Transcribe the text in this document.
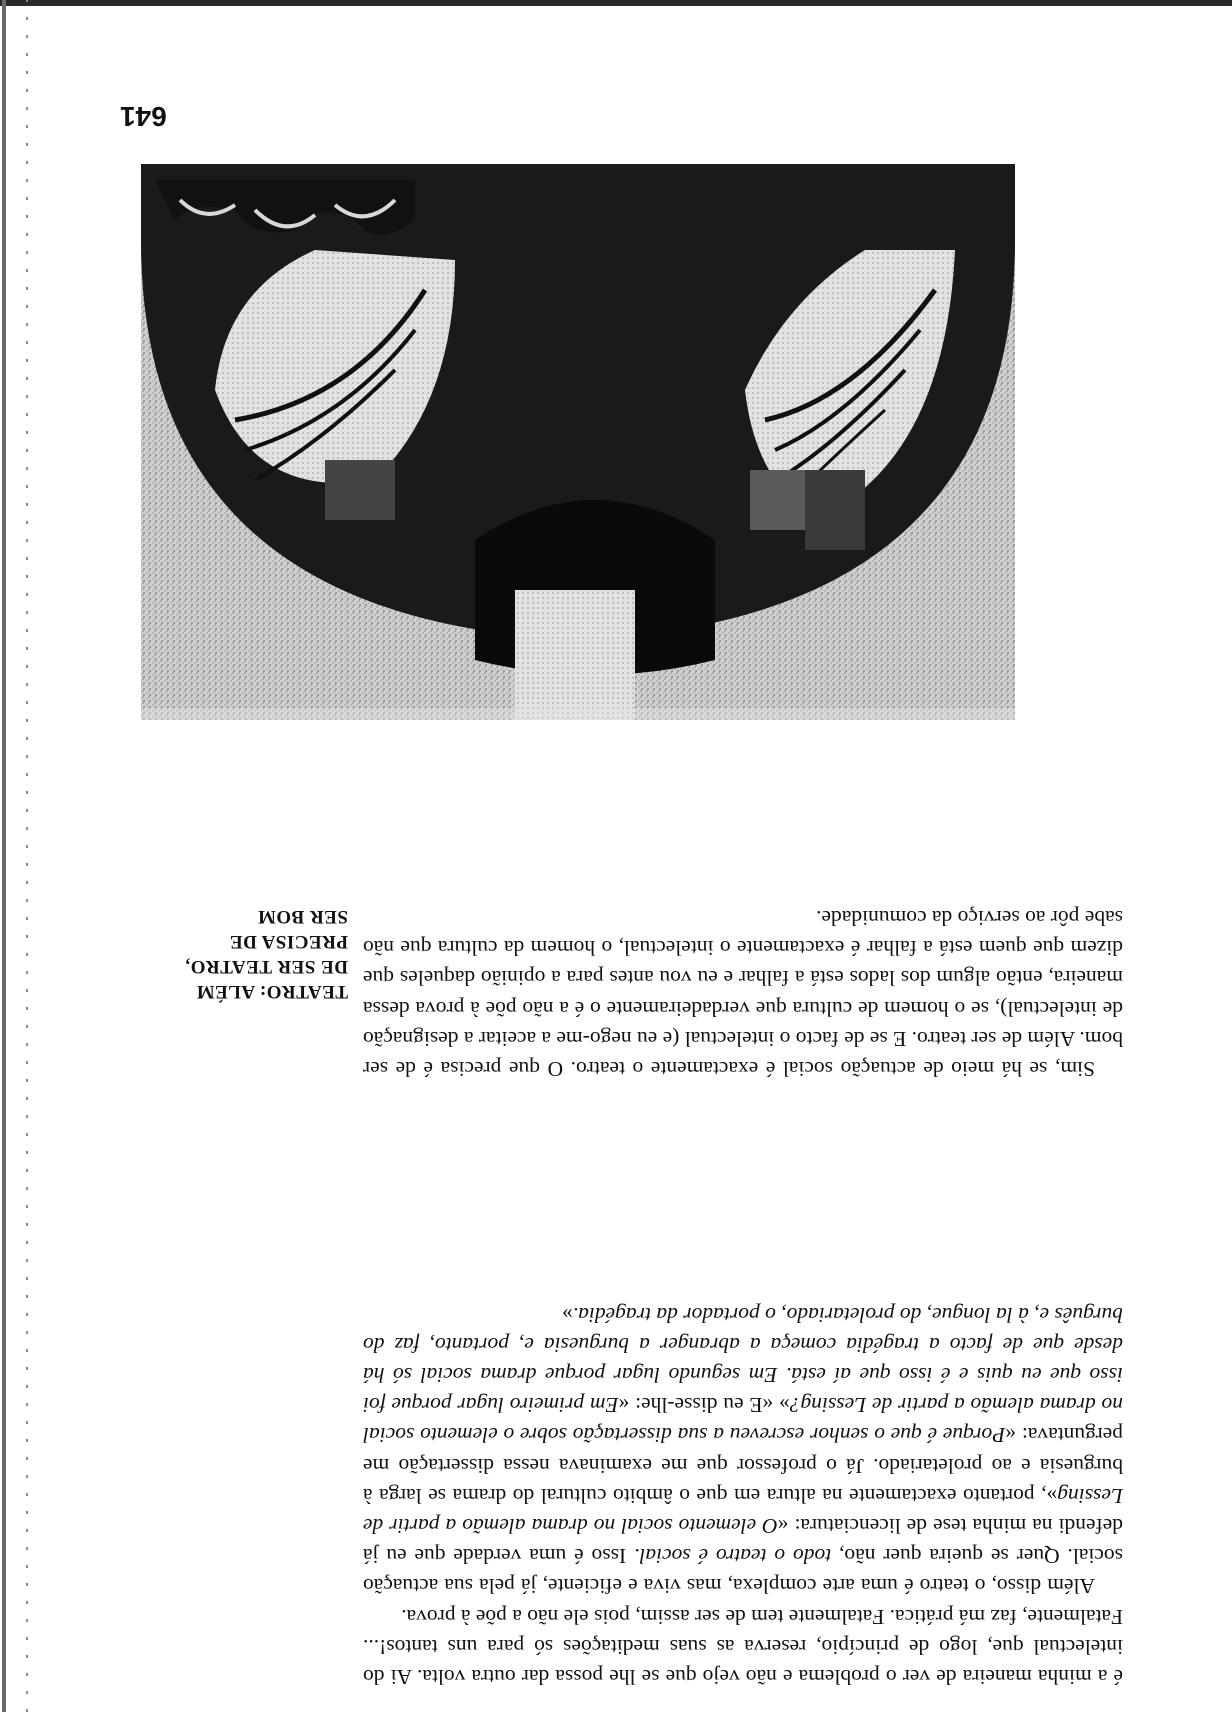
641

é a minha maneira de ver o problema e não vejo que se lhe possa dar outra volta. Ai do intelectual que, logo de princípio, reserva as suas meditações só para uns tantos!... Fatalmente, faz má prática. Fatalmente tem de ser assim, pois ele não a põe à prova.

Além disso, o teatro é uma arte complexa, mas viva e eficiente, já pela sua actuação social. Quer se queira quer não, todo o teatro é social. Isso é uma verdade que eu já defendi na minha tese de licenciatura: «O elemento social no drama alemão a partir de Lessing», portanto exactamente na altura em que o âmbito cultural do drama se larga à burguesia e ao proletariado. Já o professor que me examinava nessa dissertação me perguntava: «Porque é que o senhor escreveu a sua dissertação sobre o elemento social no drama alemão a partir de Lessing?» «E eu disse-lhe: «Em primeiro lugar porque foi isso que eu quis e é isso que aí está. Em segundo lugar porque drama social só há desde que de facto a tragédia começa a abranger a burguesia e, portanto, faz do burguês e, à la longue, do proletariado, o portador da tragédia.»

TEATRO: ALÉM
DE SER TEATRO,
PRECISA DE
SER BOM

Sim, se há meio de actuação social é exactamente o teatro. O que precisa é de ser bom. Além de ser teatro. E se de facto o intelectual (e eu nego-me a aceitar a designação de intelectual), se o homem de cultura que verdadeiramente o é a não põe à prova dessa maneira, então algum dos lados está a falhar e eu vou antes para a opinião daqueles que dizem que quem está a falhar é exactamente o intelectual, o homem da cultura que não sabe pôr ao serviço da comunidade.
